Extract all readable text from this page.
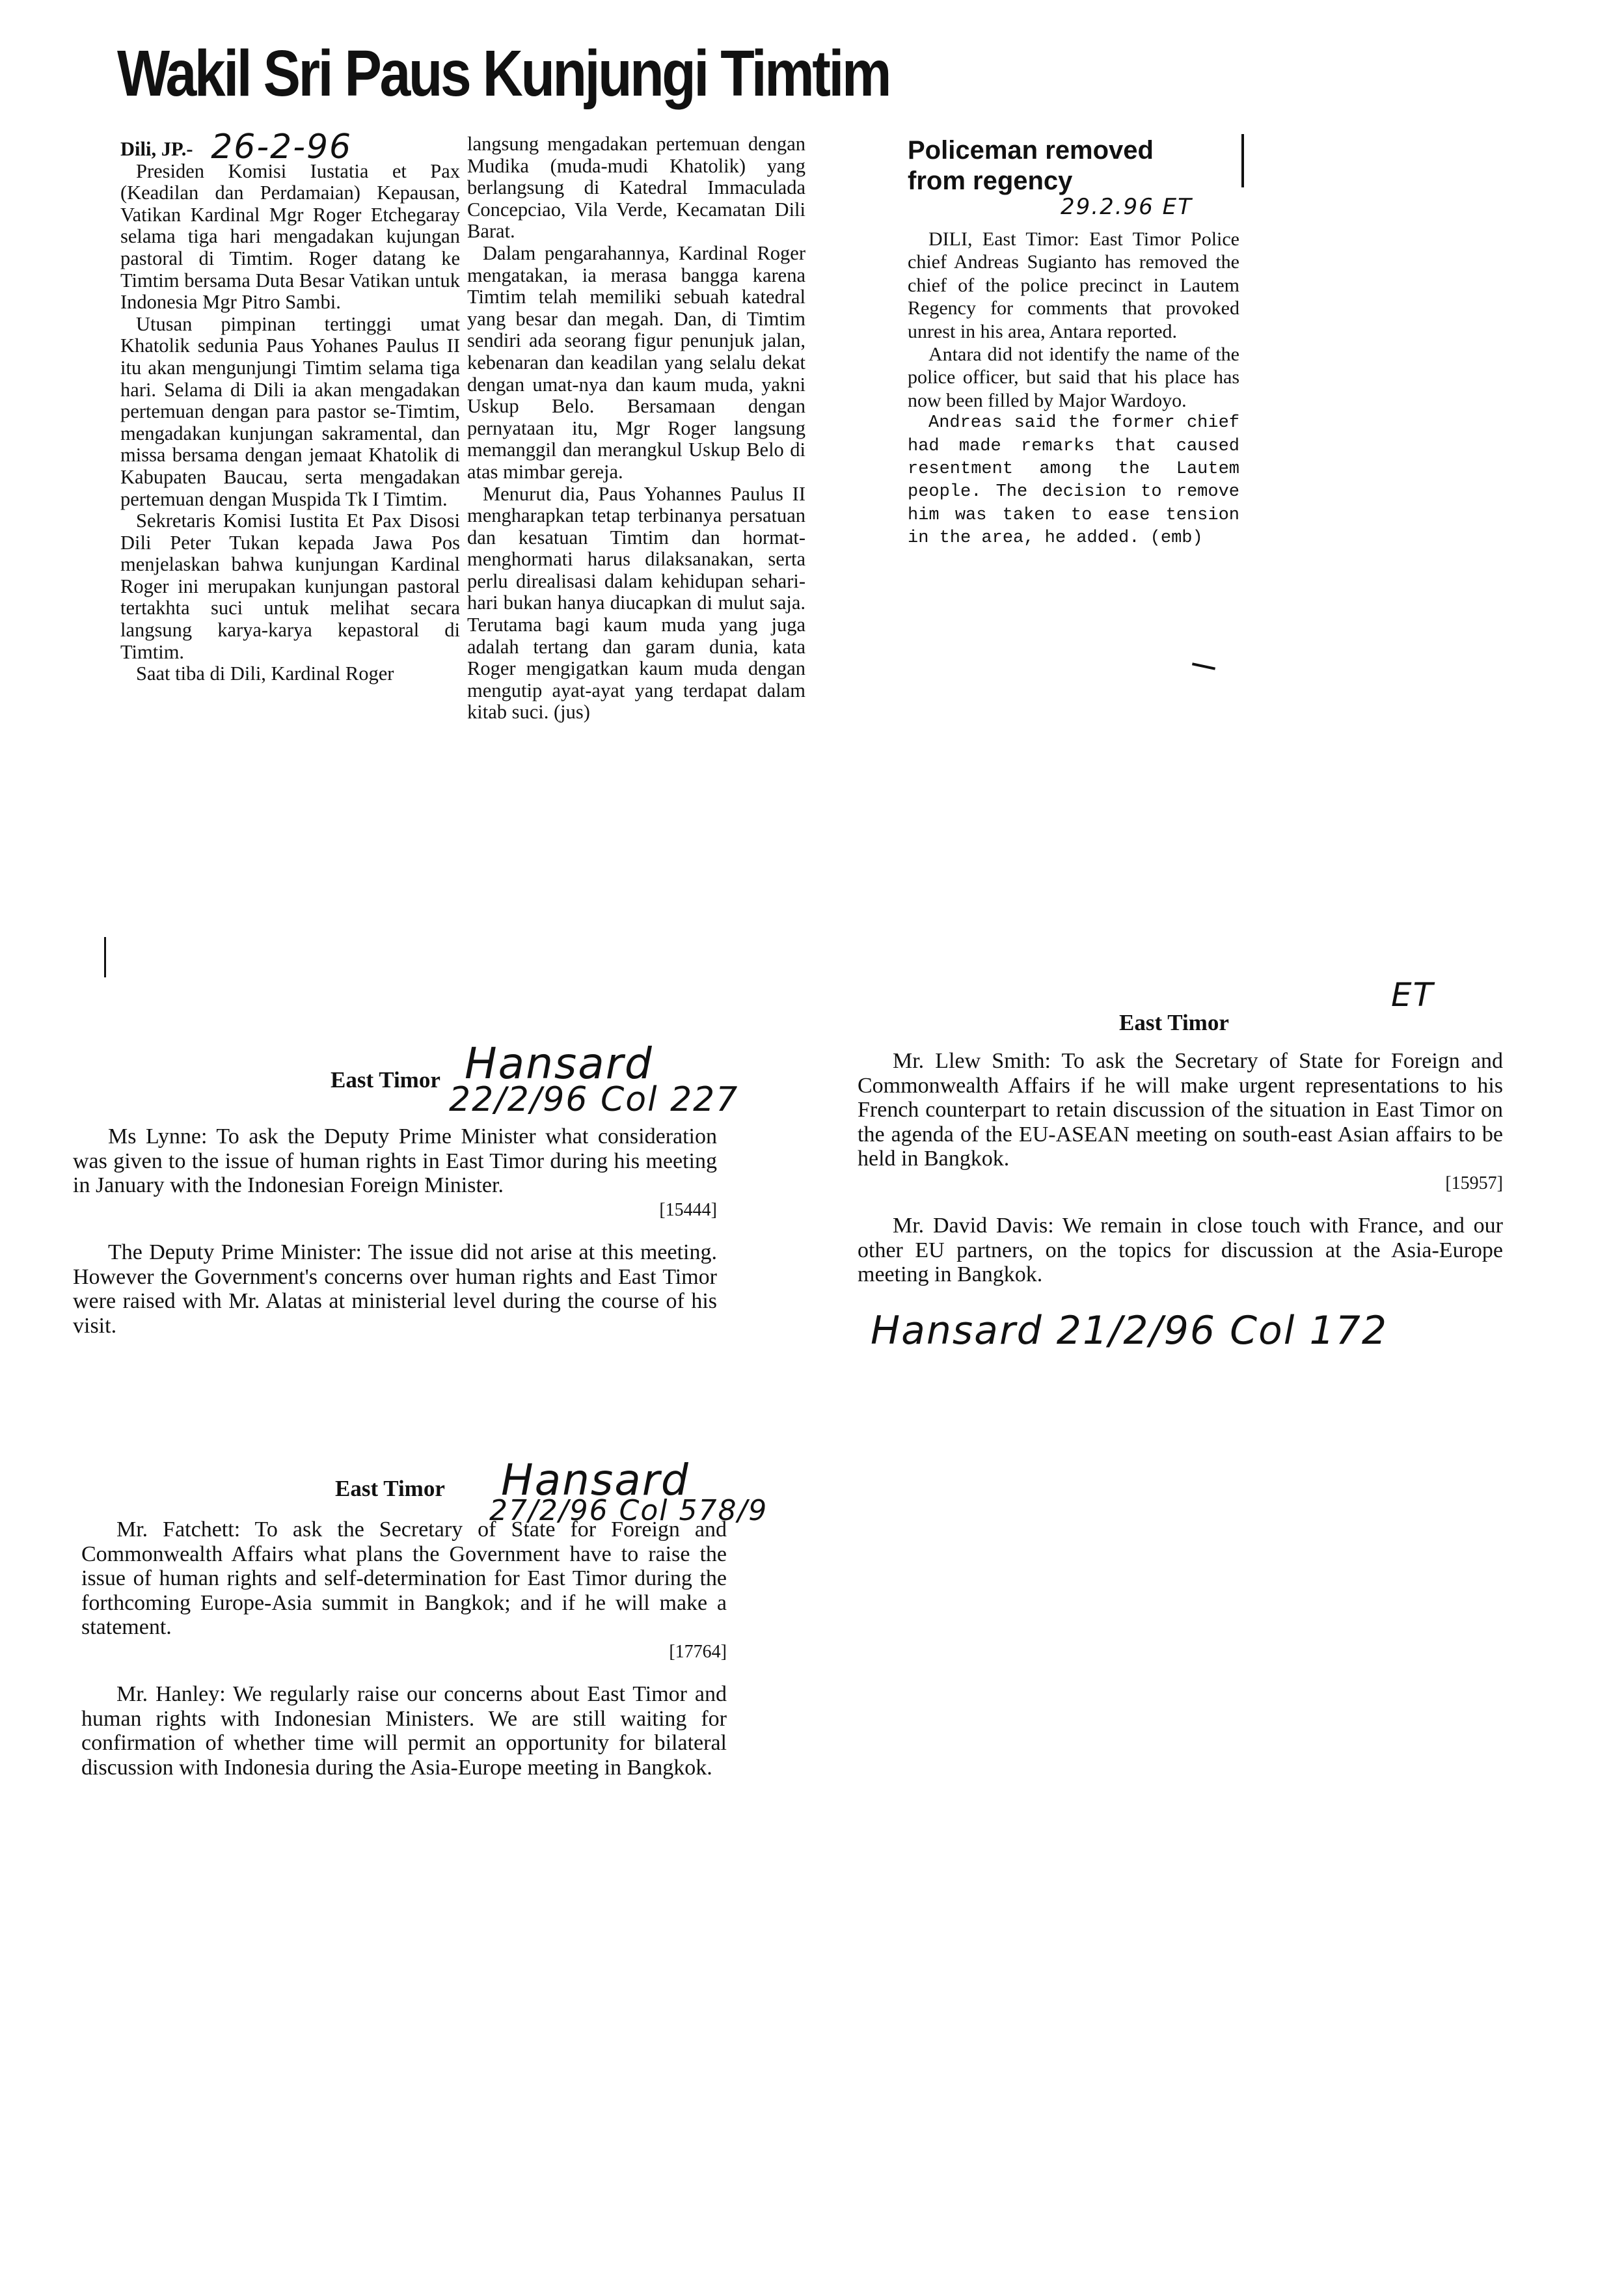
Wakil Sri Paus Kunjungi Timtim

Dili, JP.- 26-2-96

Presiden Komisi Iustatia et Pax (Keadilan dan Perdamaian) Kepausan, Vatikan Kardinal Mgr Roger Etchegaray selama tiga hari mengadakan kujungan pastoral di Timtim. Roger datang ke Timtim bersama Duta Besar Vatikan untuk Indonesia Mgr Pitro Sambi.

Utusan pimpinan tertinggi umat Khatolik sedunia Paus Yohanes Paulus II itu akan mengunjungi Timtim selama tiga hari. Selama di Dili ia akan mengadakan pertemuan dengan para pastor se-Timtim, mengadakan kunjungan sakramental, dan missa bersama dengan jemaat Khatolik di Kabupaten Baucau, serta mengadakan pertemuan dengan Muspida Tk I Timtim.

Sekretaris Komisi Iustita Et Pax Disosi Dili Peter Tukan kepada Jawa Pos menjelaskan bahwa kunjungan Kardinal Roger ini merupakan kunjungan pastoral tertakhta suci untuk melihat secara langsung karya-karya kepastoral di Timtim.

Saat tiba di Dili, Kardinal Roger

langsung mengadakan pertemuan dengan Mudika (muda-mudi Khatolik) yang berlangsung di Katedral Immaculada Concepciao, Vila Verde, Kecamatan Dili Barat.

Dalam pengarahannya, Kardinal Roger mengatakan, ia merasa bangga karena Timtim telah memiliki sebuah katedral yang besar dan megah. Dan, di Timtim sendiri ada seorang figur penunjuk jalan, kebenaran dan keadilan yang selalu dekat dengan umat-nya dan kaum muda, yakni Uskup Belo. Bersamaan dengan pernyataan itu, Mgr Roger langsung memanggil dan merangkul Uskup Belo di atas mimbar gereja.

Menurut dia, Paus Yohannes Paulus II mengharapkan tetap terbinanya persatuan dan kesatuan Timtim dan hormat-menghormati harus dilaksanakan, serta perlu direalisasi dalam kehidupan sehari-hari bukan hanya diucapkan di mulut saja. Terutama bagi kaum muda yang juga adalah tertang dan garam dunia, kata Roger mengigatkan kaum muda dengan mengutip ayat-ayat yang terdapat dalam kitab suci. (jus)

Policeman removed
from regency
29.2.96 ET

DILI, East Timor: East Timor Police chief Andreas Sugianto has removed the chief of the police precinct in Lautem Regency for comments that provoked unrest in his area, Antara reported.

Antara did not identify the name of the police officer, but said that his place has now been filled by Major Wardoyo.

Andreas said the former chief had made remarks that caused resentment among the Lautem people. The decision to remove him was taken to ease tension in the area, he added. (emb)

East Timor Hansard
22/2/96 Col 227

Ms Lynne: To ask the Deputy Prime Minister what consideration was given to the issue of human rights in East Timor during his meeting in January with the Indonesian Foreign Minister.

[15444]

The Deputy Prime Minister: The issue did not arise at this meeting. However the Government's concerns over human rights and East Timor were raised with Mr. Alatas at ministerial level during the course of his visit.

East Timor
ET

Mr. Llew Smith: To ask the Secretary of State for Foreign and Commonwealth Affairs if he will make urgent representations to his French counterpart to retain discussion of the situation in East Timor on the agenda of the EU-ASEAN meeting on south-east Asian affairs to be held in Bangkok.

[15957]

Mr. David Davis: We remain in close touch with France, and our other EU partners, on the topics for discussion at the Asia-Europe meeting in Bangkok.

Hansard 21/2/96 Col 172
East Timor Hansard
27/2/96 Col 578/9

Mr. Fatchett: To ask the Secretary of State for Foreign and Commonwealth Affairs what plans the Government have to raise the issue of human rights and self-determination for East Timor during the forthcoming Europe-Asia summit in Bangkok; and if he will make a statement.

[17764]

Mr. Hanley: We regularly raise our concerns about East Timor and human rights with Indonesian Ministers. We are still waiting for confirmation of whether time will permit an opportunity for bilateral discussion with Indonesia during the Asia-Europe meeting in Bangkok.
